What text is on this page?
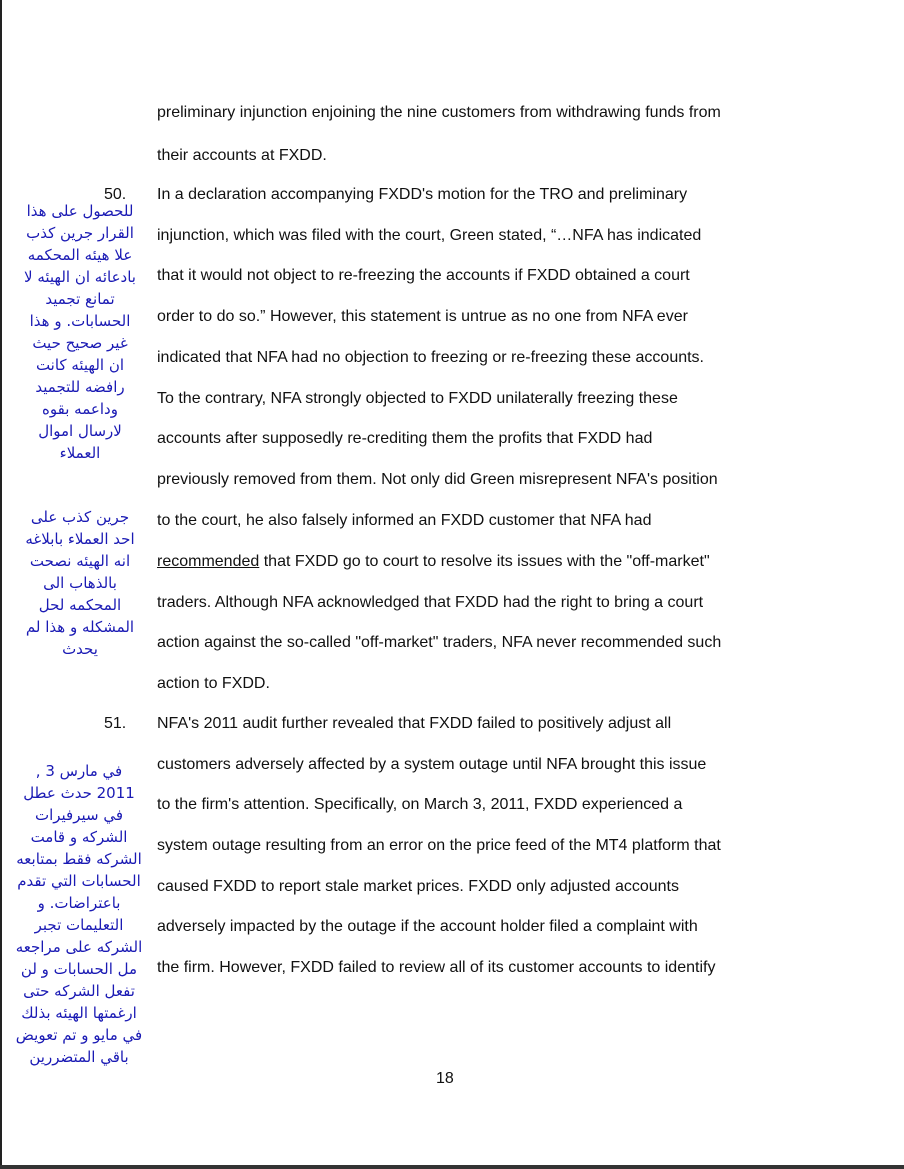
preliminary injunction enjoining the nine customers from withdrawing funds from
their accounts at FXDD.
50. In a declaration accompanying FXDD's motion for the TRO and preliminary
injunction, which was filed with the court, Green stated, “…NFA has indicated
that it would not object to re-freezing the accounts if FXDD obtained a court
order to do so.” However, this statement is untrue as no one from NFA ever
indicated that NFA had no objection to freezing or re-freezing these accounts.
To the contrary, NFA strongly objected to FXDD unilaterally freezing these
accounts after supposedly re-crediting them the profits that FXDD had
previously removed from them. Not only did Green misrepresent NFA's position
to the court, he also falsely informed an FXDD customer that NFA had
recommended that FXDD go to court to resolve its issues with the "off-market"
traders. Although NFA acknowledged that FXDD had the right to bring a court
action against the so-called "off-market" traders, NFA never recommended such
action to FXDD.
51. NFA's 2011 audit further revealed that FXDD failed to positively adjust all
customers adversely affected by a system outage until NFA brought this issue
to the firm's attention. Specifically, on March 3, 2011, FXDD experienced a
system outage resulting from an error on the price feed of the MT4 platform that
caused FXDD to report stale market prices. FXDD only adjusted accounts
adversely impacted by the outage if the account holder filed a complaint with
the firm. However, FXDD failed to review all of its customer accounts to identify
للحصول على هذا
القرار جرين كذب
علا هيئه المحكمه
بادعائه ان الهيئه لا
تمانع تجميد
الحسابات. و هذا
غير صحيح حيث
ان الهيئه كانت
رافضه للتجميد
وداعمه بقوه
لارسال اموال
العملاء
جرين كذب على
احد العملاء بابلاغه
انه الهيئه نصحت
بالذهاب الى
المحكمه لحل
المشكله و هذا لم
يحدث
في مارس 3 ,
2011 حدث عطل
في سيرفيرات
الشركه و قامت
الشركه فقط بمتابعه
الحسابات التي تقدم
باعتراضات. و
التعليمات تجبر
الشركه على مراجعه
مل الحسابات و لن
تفعل الشركه حتى
ارغمتها الهيئه بذلك
في مايو و تم تعويض
باقي المتضررين
18
